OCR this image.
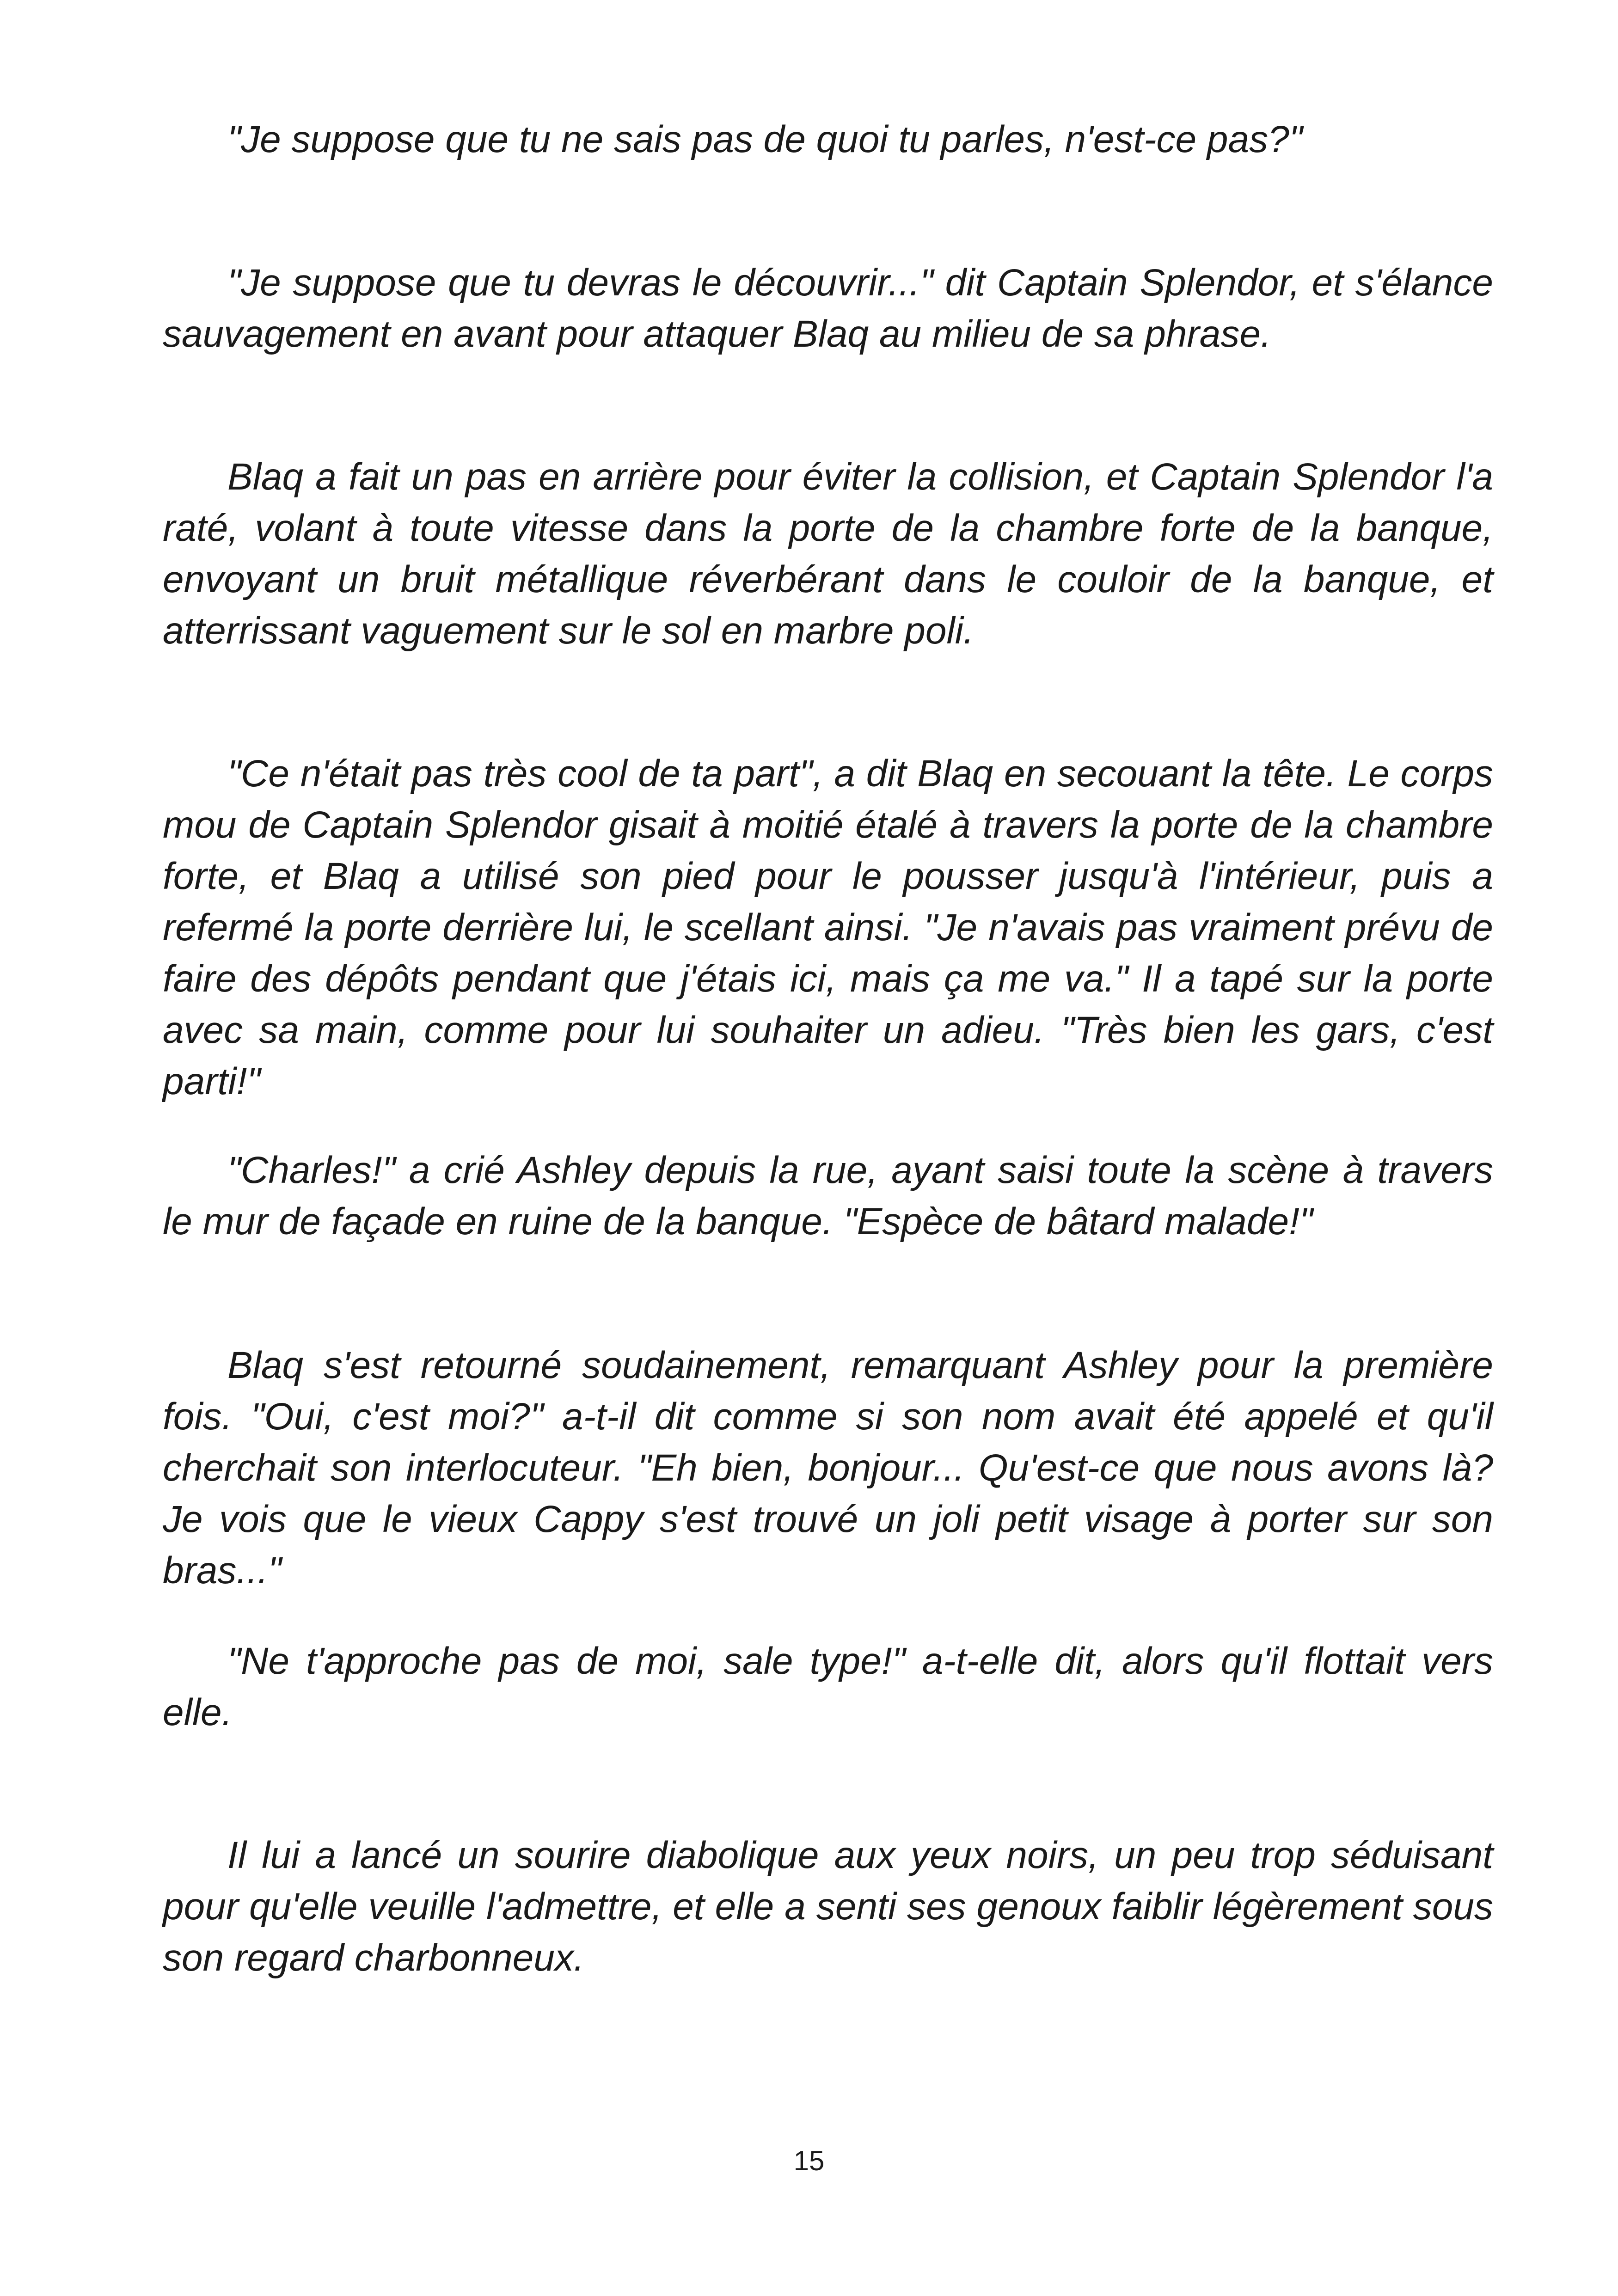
"Je suppose que tu ne sais pas de quoi tu parles, n'est-ce pas?"

"Je suppose que tu devras le découvrir..." dit Captain Splendor, et s'élance sauvagement en avant pour attaquer Blaq au milieu de sa phrase.

Blaq a fait un pas en arrière pour éviter la collision, et Captain Splendor l'a raté, volant à toute vitesse dans la porte de la chambre forte de la banque, envoyant un bruit métallique réverbérant dans le couloir de la banque, et atterrissant vaguement sur le sol en marbre poli.

"Ce n'était pas très cool de ta part", a dit Blaq en secouant la tête. Le corps mou de Captain Splendor gisait à moitié étalé à travers la porte de la chambre forte, et Blaq a utilisé son pied pour le pousser jusqu'à l'intérieur, puis a refermé la porte derrière lui, le scellant ainsi. "Je n'avais pas vraiment prévu de faire des dépôts pendant que j'étais ici, mais ça me va." Il a tapé sur la porte avec sa main, comme pour lui souhaiter un adieu. "Très bien les gars, c'est parti!"

"Charles!" a crié Ashley depuis la rue, ayant saisi toute la scène à travers le mur de façade en ruine de la banque. "Espèce de bâtard malade!"

Blaq s'est retourné soudainement, remarquant Ashley pour la première fois. "Oui, c'est moi?" a-t-il dit comme si son nom avait été appelé et qu'il cherchait son interlocuteur. "Eh bien, bonjour... Qu'est-ce que nous avons là? Je vois que le vieux Cappy s'est trouvé un joli petit visage à porter sur son bras..."

"Ne t'approche pas de moi, sale type!" a-t-elle dit, alors qu'il flottait vers elle.

Il lui a lancé un sourire diabolique aux yeux noirs, un peu trop séduisant pour qu'elle veuille l'admettre, et elle a senti ses genoux faiblir légèrement sous son regard charbonneux.

15
